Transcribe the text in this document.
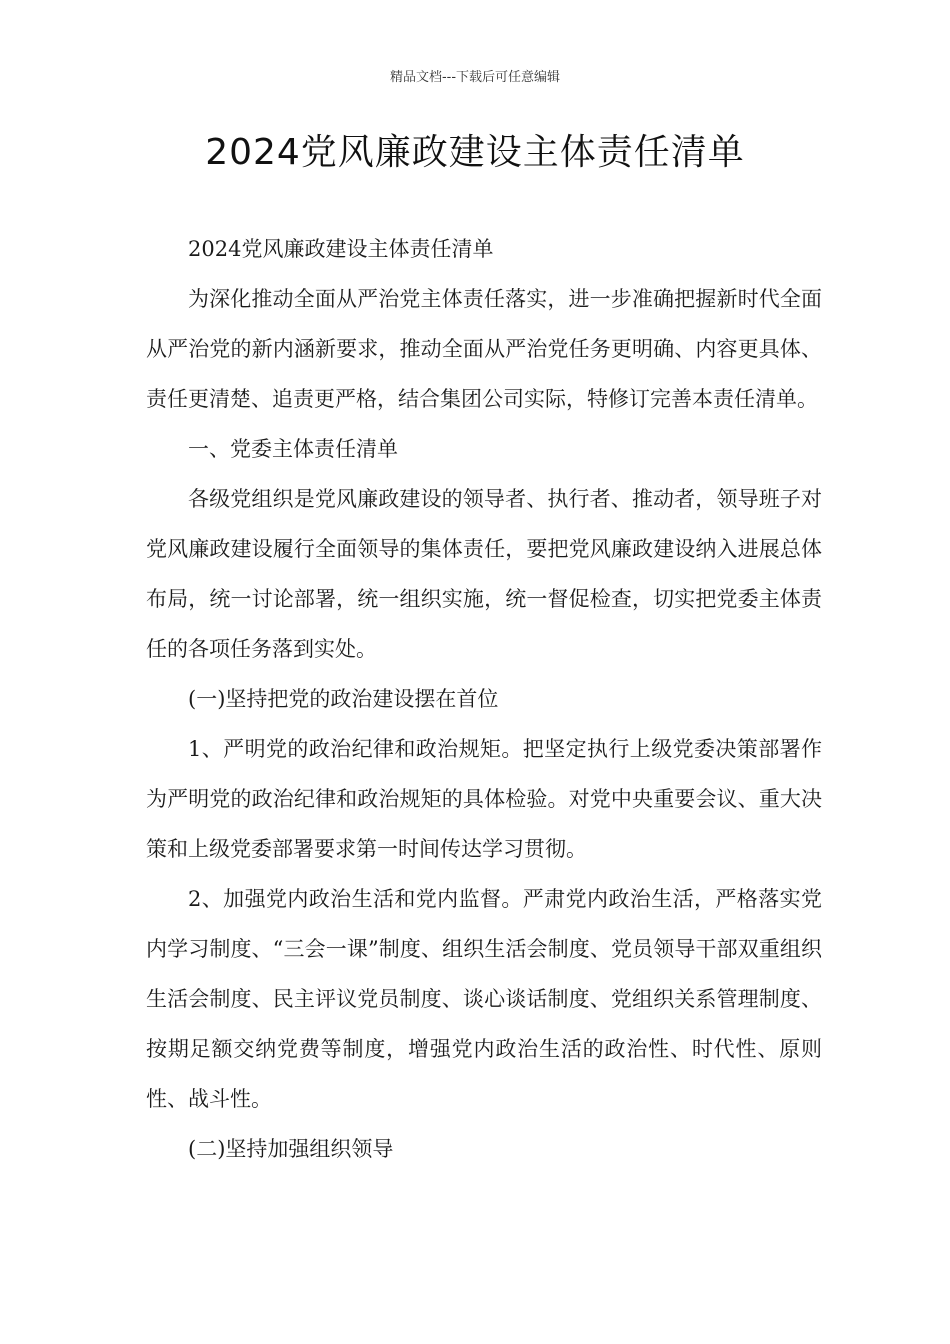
精品文档---下载后可任意编辑
2024党风廉政建设主体责任清单

2024党风廉政建设主体责任清单

为深化推动全面从严治党主体责任落实，进一步准确把握新时代全面从严治党的新内涵新要求，推动全面从严治党任务更明确、内容更具体、责任更清楚、追责更严格，结合集团公司实际，特修订完善本责任清单。

一、党委主体责任清单

各级党组织是党风廉政建设的领导者、执行者、推动者，领导班子对党风廉政建设履行全面领导的集体责任，要把党风廉政建设纳入进展总体布局，统一讨论部署，统一组织实施，统一督促检查，切实把党委主体责任的各项任务落到实处。

(一)坚持把党的政治建设摆在首位

1、严明党的政治纪律和政治规矩。把坚定执行上级党委决策部署作为严明党的政治纪律和政治规矩的具体检验。对党中央重要会议、重大决策和上级党委部署要求第一时间传达学习贯彻。

2、加强党内政治生活和党内监督。严肃党内政治生活，严格落实党内学习制度、“三会一课”制度、组织生活会制度、党员领导干部双重组织生活会制度、民主评议党员制度、谈心谈话制度、党组织关系管理制度、按期足额交纳党费等制度，增强党内政治生活的政治性、时代性、原则性、战斗性。

(二)坚持加强组织领导
